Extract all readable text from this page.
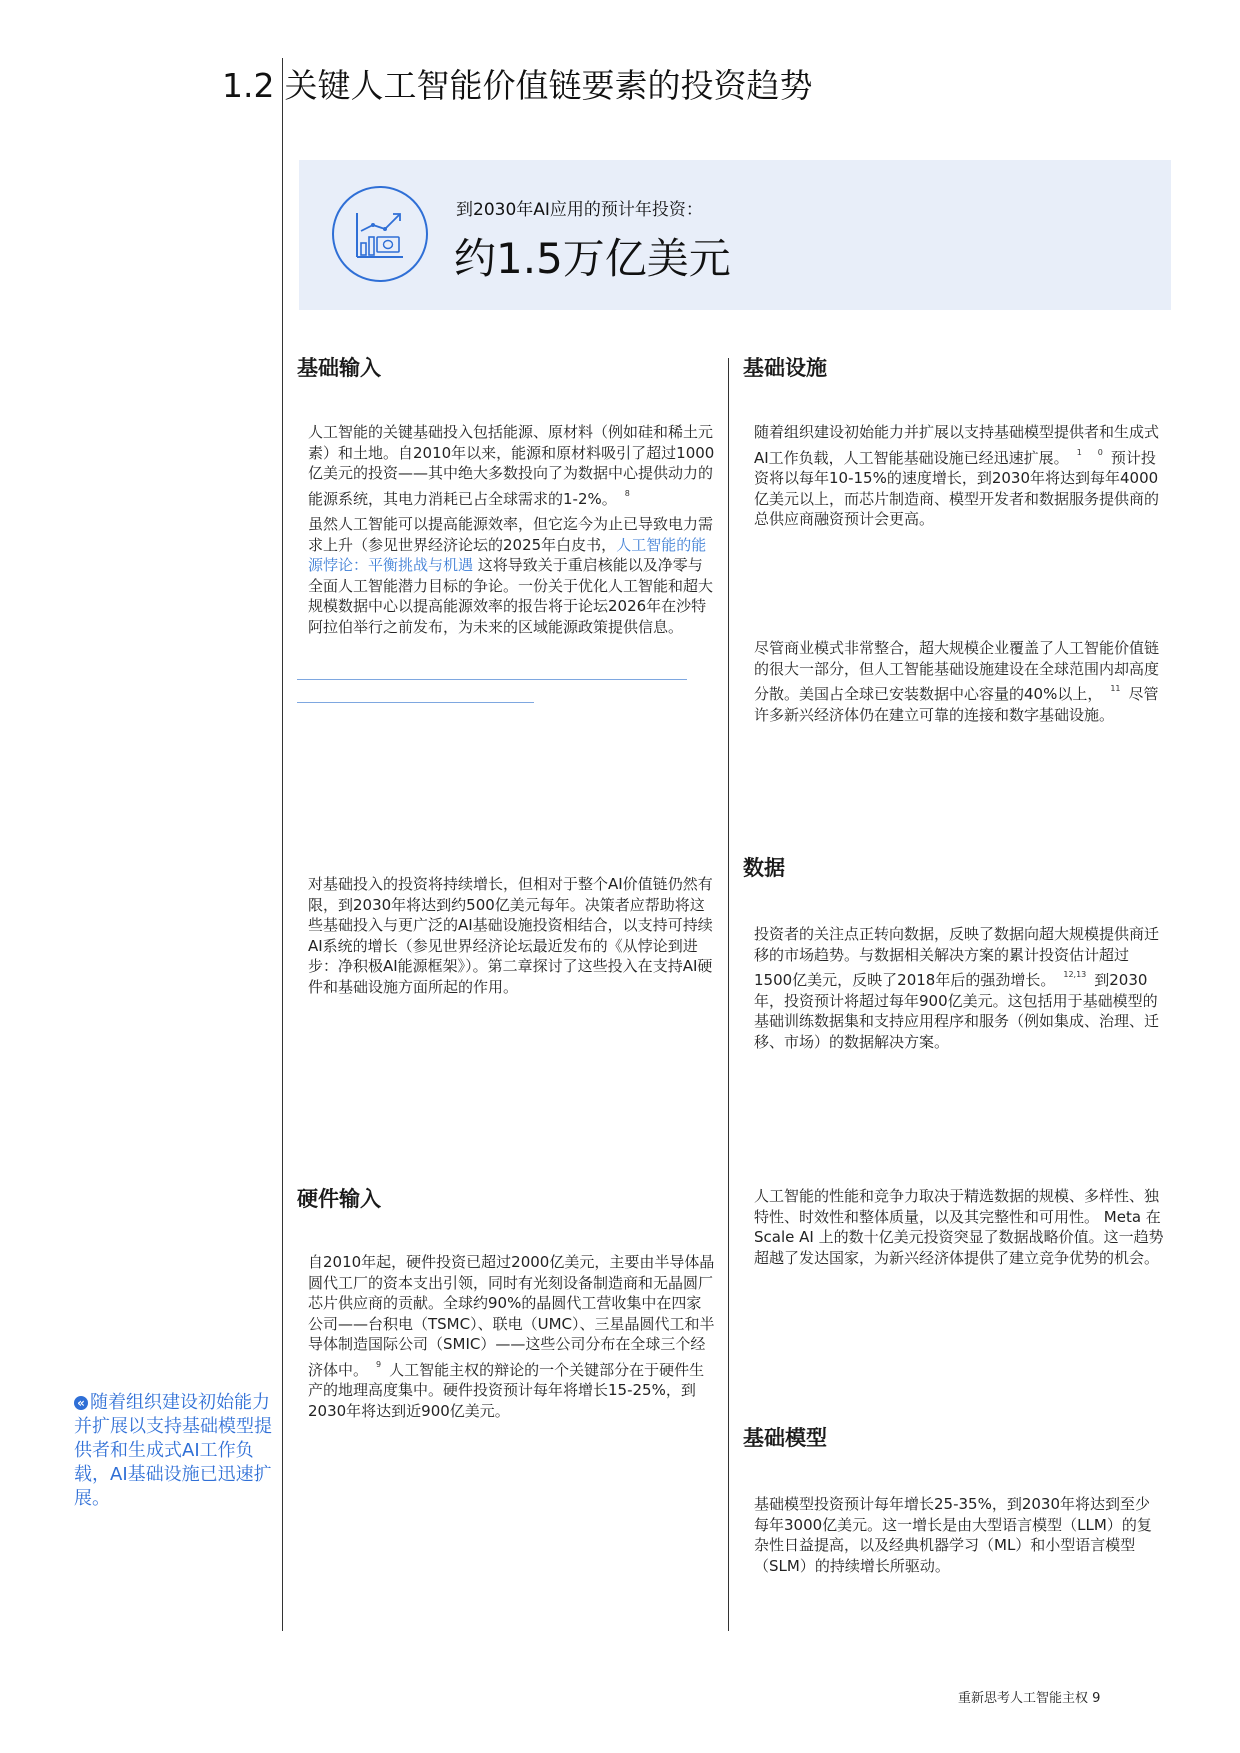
1.2 关键人工智能价值链要素的投资趋势
到2030年AI应用的预计年投资：
约1.5万亿美元
基础输入
人工智能的关键基础投入包括能源、原材料（例如硅和稀土元素）和土地。自2010年以来，能源和原材料吸引了超过1000亿美元的投资——其中绝大多数投向了为数据中心提供动力的能源系统，其电力消耗已占全球需求的1-2%。 $^8$
虽然人工智能可以提高能源效率，但它迄今为止已导致电力需求上升（参见世界经济论坛的2025年白皮书，人工智能的能源悖论：平衡挑战与机遇 这将导致关于重启核能以及净零与全面人工智能潜力目标的争论。一份关于优化人工智能和超大规模数据中心以提高能源效率的报告将于论坛2026年在沙特阿拉伯举行之前发布，为未来的区域能源政策提供信息。
对基础投入的投资将持续增长，但相对于整个AI价值链仍然有限，到2030年将达到约500亿美元每年。决策者应帮助将这些基础投入与更广泛的AI基础设施投资相结合，以支持可持续AI系统的增长（参见世界经济论坛最近发布的《从悖论到进步：净积极AI能源框架》）。第二章探讨了这些投入在支持AI硬件和基础设施方面所起的作用。
硬件输入
自2010年起，硬件投资已超过2000亿美元，主要由半导体晶圆代工厂的资本支出引领，同时有光刻设备制造商和无晶圆厂芯片供应商的贡献。全球约90%的晶圆代工营收集中在四家公司——台积电（TSMC）、联电（UMC）、三星晶圆代工和半导体制造国际公司（SMIC）——这些公司分布在全球三个经济体中。 $^9$ 人工智能主权的辩论的一个关键部分在于硬件生产的地理高度集中。硬件投资预计每年将增长15-25%，到2030年将达到近900亿美元。
基础设施
随着组织建设初始能力并扩展以支持基础模型提供者和生成式AI工作负载，人工智能基础设施已经迅速扩展。 $^1$ $^0$ 预计投资将以每年10-15%的速度增长，到2030年将达到每年4000亿美元以上，而芯片制造商、模型开发者和数据服务提供商的总供应商融资预计会更高。
尽管商业模式非常整合，超大规模企业覆盖了人工智能价值链的很大一部分，但人工智能基础设施建设在全球范围内却高度分散。美国占全球已安装数据中心容量的40%以上， $^{11}$ 尽管许多新兴经济体仍在建立可靠的连接和数字基础设施。
数据
投资者的关注点正转向数据，反映了数据向超大规模提供商迁移的市场趋势。与数据相关解决方案的累计投资估计超过1500亿美元，反映了2018年后的强劲增长。 $^{12,13}$ 到2030年，投资预计将超过每年900亿美元。这包括用于基础模型的基础训练数据集和支持应用程序和服务（例如集成、治理、迁移、市场）的数据解决方案。
人工智能的性能和竞争力取决于精选数据的规模、多样性、独特性、时效性和整体质量，以及其完整性和可用性。 Meta 在 Scale AI 上的数十亿美元投资突显了数据战略价值。这一趋势超越了发达国家，为新兴经济体提供了建立竞争优势的机会。
基础模型
基础模型投资预计每年增长25-35%，到2030年将达到至少每年3000亿美元。这一增长是由大型语言模型（LLM）的复杂性日益提高，以及经典机器学习（ML）和小型语言模型（SLM）的持续增长所驱动。
« 随着组织建设初始能力并扩展以支持基础模型提供者和生成式AI工作负载，AI基础设施已迅速扩展。
重新思考人工智能主权 9
